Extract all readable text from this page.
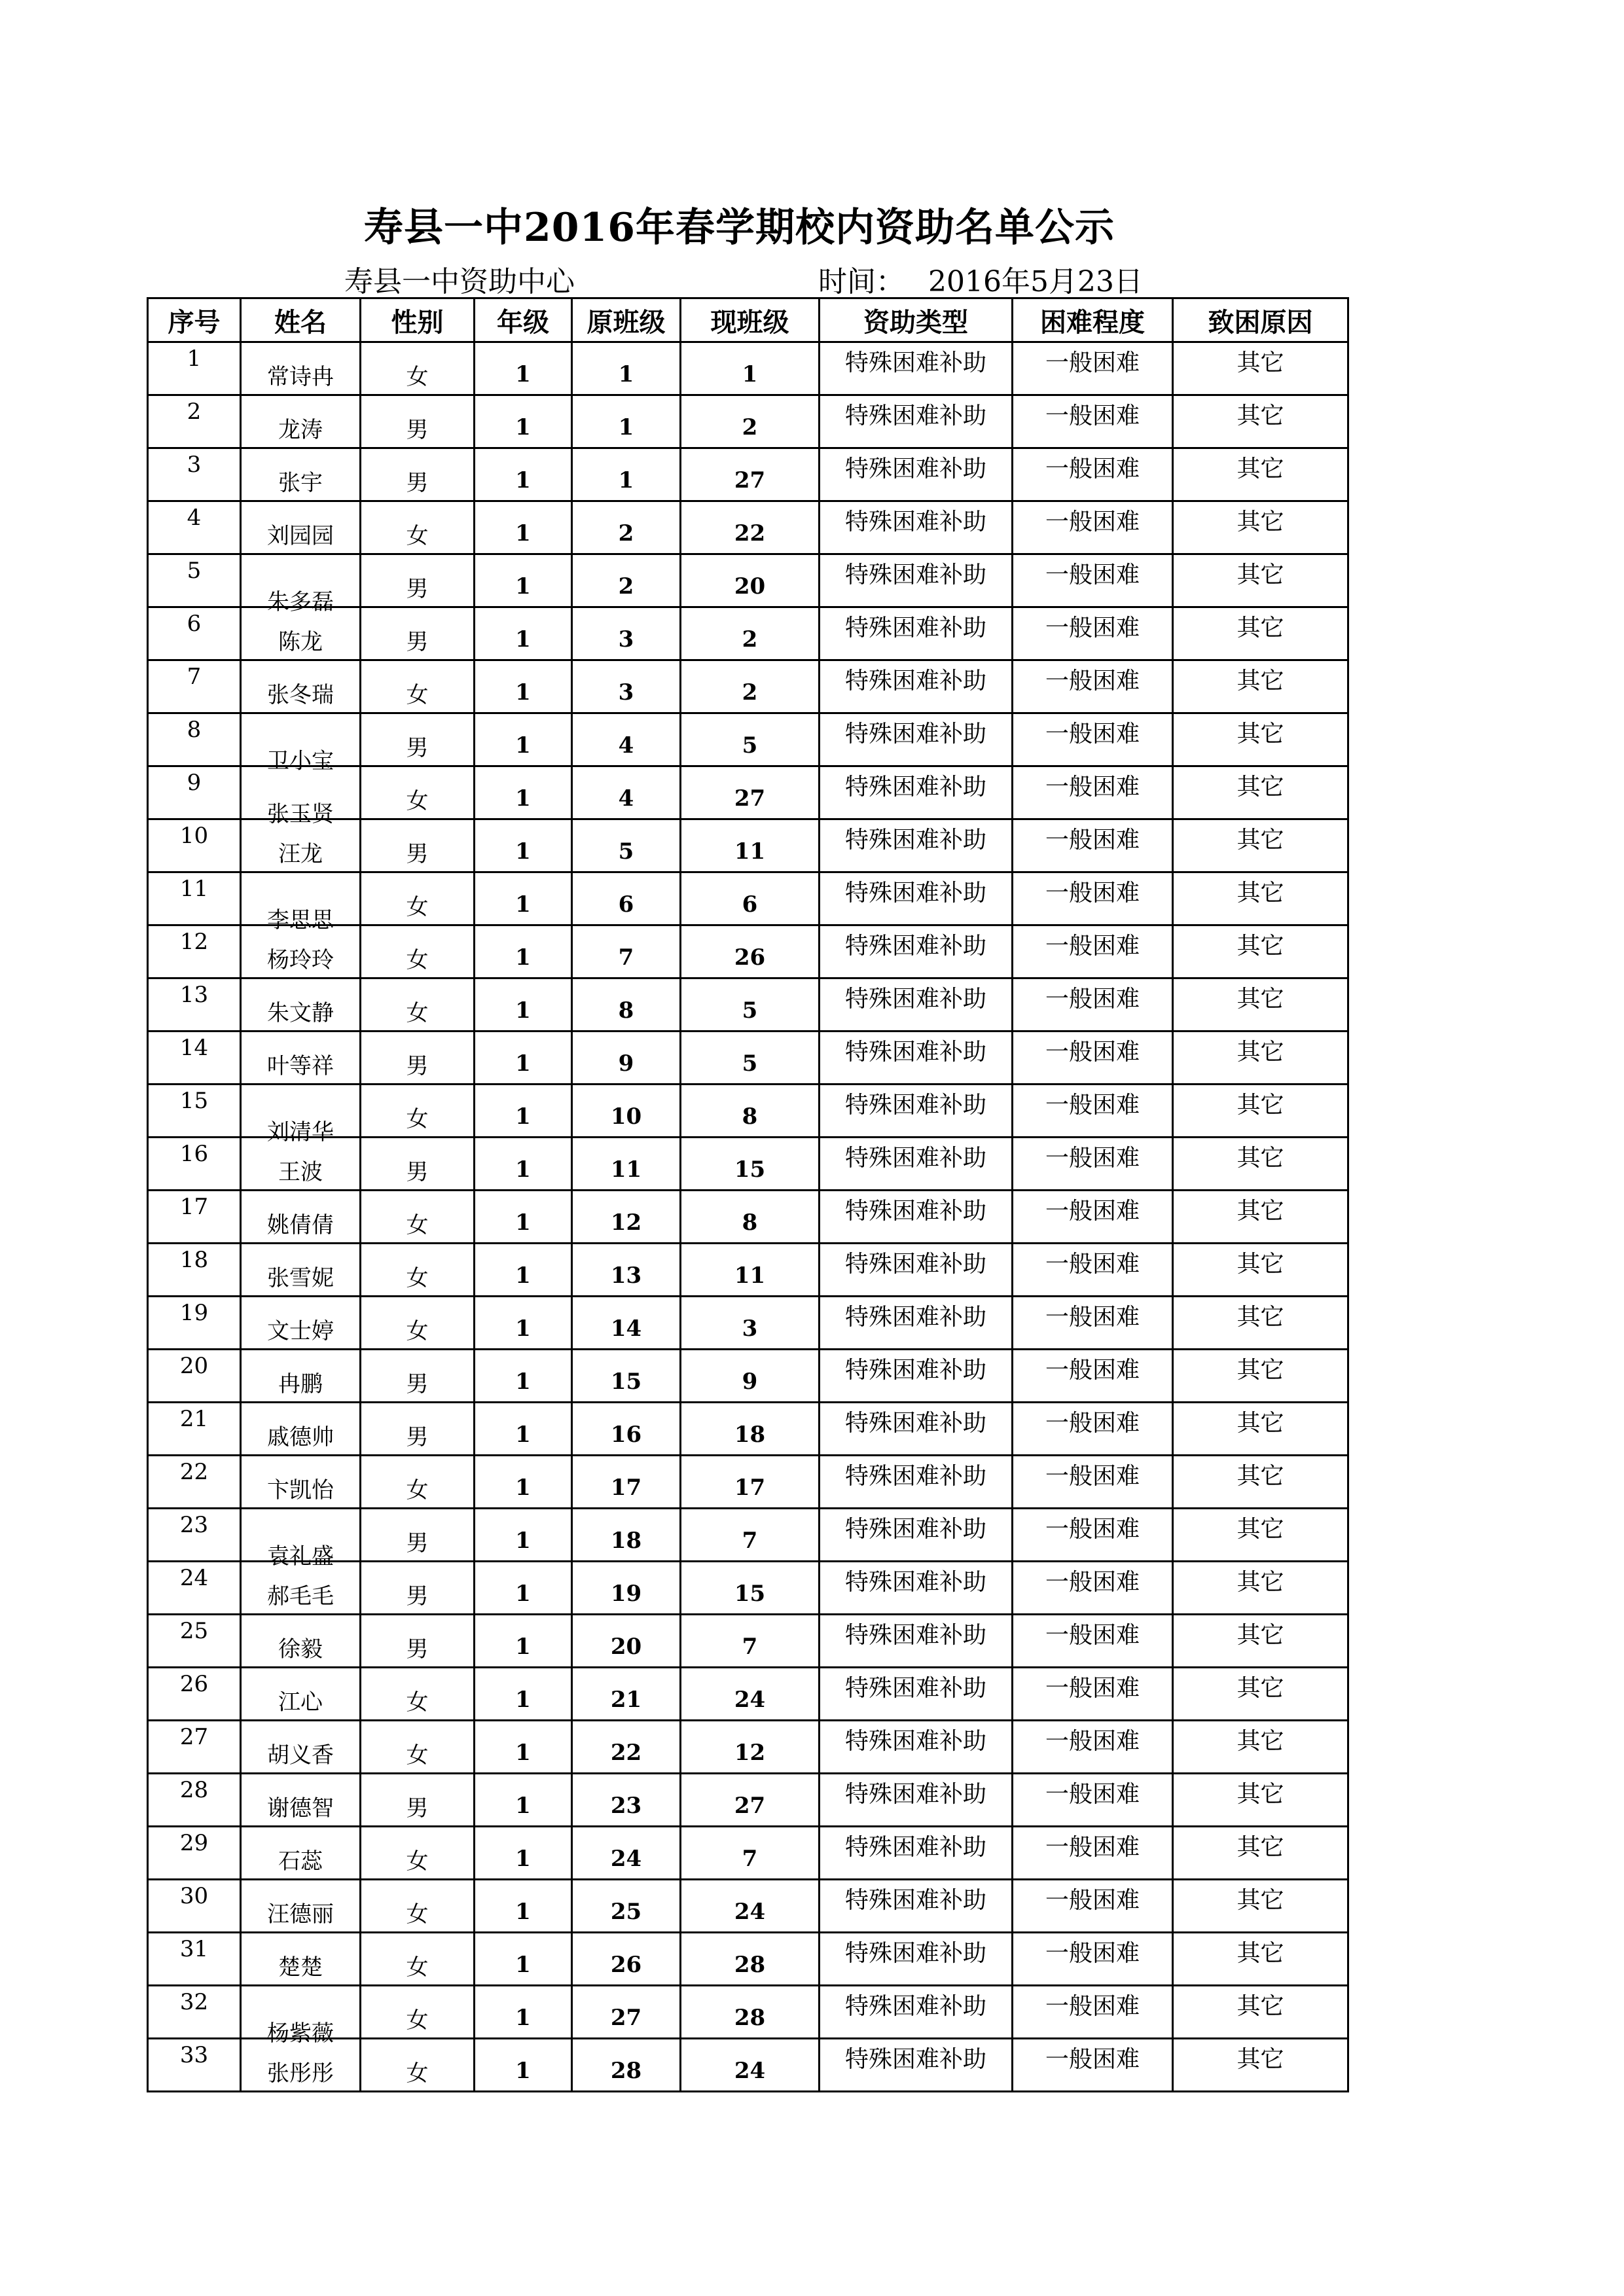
寿县一中2016年春学期校内资助名单公示
寿县一中资助中心	时间： 2016年5月23日
序号	姓名	性别	年级	原班级	现班级	资助类型	困难程度	致困原因

1	常诗冉	女	1	1	1	特殊困难补助	一般困难	其它

2	龙涛	男	1	1	2	特殊困难补助	一般困难	其它

3	张宇	男	1	1	27	特殊困难补助	一般困难	其它

4	刘园园	女	1	2	22	特殊困难补助	一般困难	其它

5	朱多磊	男	1	2	20	特殊困难补助	一般困难	其它

6	陈龙	男	1	3	2	特殊困难补助	一般困难	其它

7	张冬瑞	女	1	3	2	特殊困难补助	一般困难	其它

8	卫小宝	男	1	4	5	特殊困难补助	一般困难	其它

9	张玉贤	女	1	4	27	特殊困难补助	一般困难	其它

10	汪龙	男	1	5	11	特殊困难补助	一般困难	其它

11	李思思	女	1	6	6	特殊困难补助	一般困难	其它

12	杨玲玲	女	1	7	26	特殊困难补助	一般困难	其它

13	朱文静	女	1	8	5	特殊困难补助	一般困难	其它

14	叶等祥	男	1	9	5	特殊困难补助	一般困难	其它

15	刘清华	女	1	10	8	特殊困难补助	一般困难	其它

16	王波	男	1	11	15	特殊困难补助	一般困难	其它

17	姚倩倩	女	1	12	8	特殊困难补助	一般困难	其它

18	张雪妮	女	1	13	11	特殊困难补助	一般困难	其它

19	文士婷	女	1	14	3	特殊困难补助	一般困难	其它

20	冉鹏	男	1	15	9	特殊困难补助	一般困难	其它

21	戚德帅	男	1	16	18	特殊困难补助	一般困难	其它

22	卞凯怡	女	1	17	17	特殊困难补助	一般困难	其它

23	袁礼盛	男	1	18	7	特殊困难补助	一般困难	其它

24	郝毛毛	男	1	19	15	特殊困难补助	一般困难	其它

25	徐毅	男	1	20	7	特殊困难补助	一般困难	其它

26	江心	女	1	21	24	特殊困难补助	一般困难	其它

27	胡义香	女	1	22	12	特殊困难补助	一般困难	其它

28	谢德智	男	1	23	27	特殊困难补助	一般困难	其它

29	石蕊	女	1	24	7	特殊困难补助	一般困难	其它

30	汪德丽	女	1	25	24	特殊困难补助	一般困难	其它

31	楚楚	女	1	26	28	特殊困难补助	一般困难	其它

32	杨紫薇	女	1	27	28	特殊困难补助	一般困难	其它

33	张彤彤	女	1	28	24	特殊困难补助	一般困难	其它
